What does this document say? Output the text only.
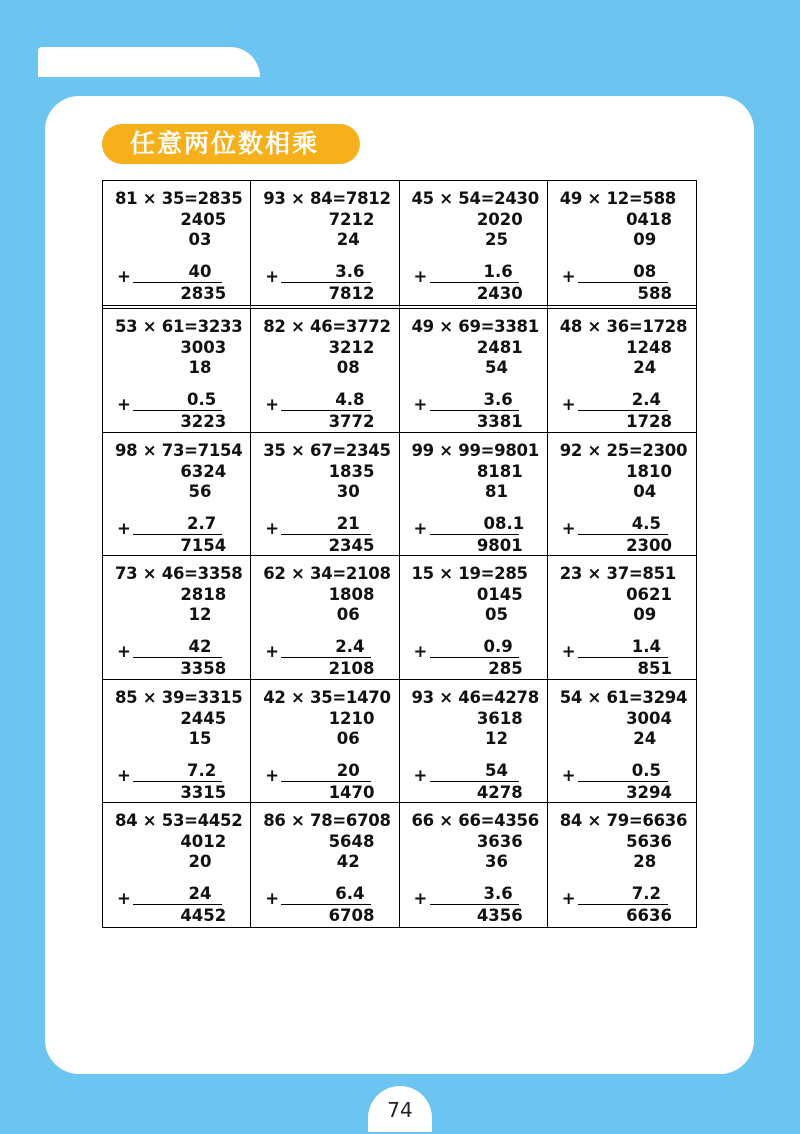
任意两位数相乘
81 × 35=2835
2405
03
+	40
2835
93 × 84=7812
7212
24
+	3.6
7812
45 × 54=2430
2020
25
+	1.6
2430
49 × 12=588
0418
09
+	08
588
53 × 61=3233
3003
18
+	0.5
3223
82 × 46=3772
3212
08
+	4.8
3772
49 × 69=3381
2481
54
+	3.6
3381
48 × 36=1728
1248
24
+	2.4
1728
98 × 73=7154
6324
56
+	2.7
7154
35 × 67=2345
1835
30
+	21
2345
99 × 99=9801
8181
81
+	08.1
9801
92 × 25=2300
1810
04
+	4.5
2300
73 × 46=3358
2818
12
+	42
3358
62 × 34=2108
1808
06
+	2.4
2108
15 × 19=285
0145
05
+	0.9
285
23 × 37=851
0621
09
+	1.4
851
85 × 39=3315
2445
15
+	7.2
3315
42 × 35=1470
1210
06
+	20
1470
93 × 46=4278
3618
12
+	54
4278
54 × 61=3294
3004
24
+	0.5
3294
84 × 53=4452
4012
20
+	24
4452
86 × 78=6708
5648
42
+	6.4
6708
66 × 66=4356
3636
36
+	3.6
4356
84 × 79=6636
5636
28
+	7.2
6636
74
